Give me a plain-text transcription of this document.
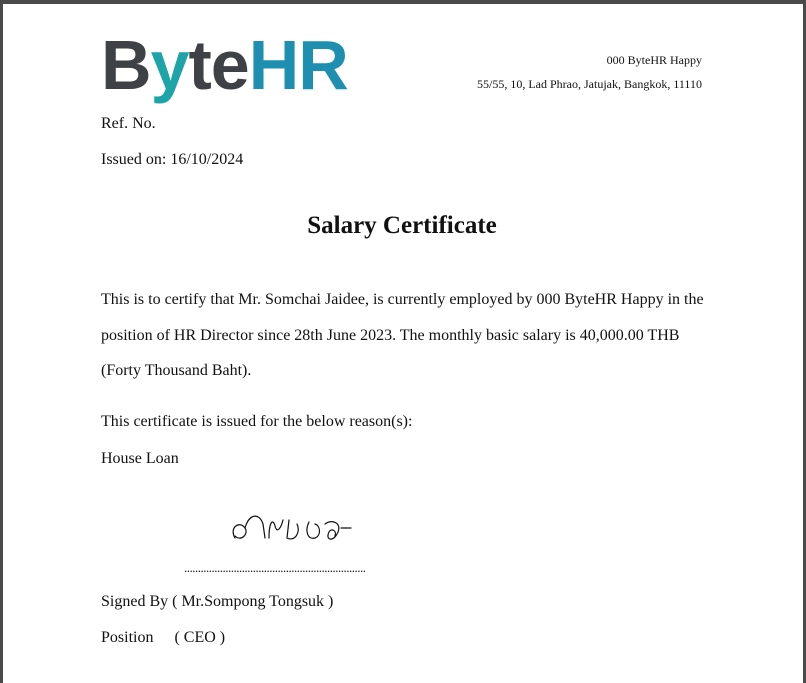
ByteHR	000 ByteHR Happy
55/55, 10, Lad Phrao, Jatujak, Bangkok, 11110
Ref. No.
Issued on: 16/10/2024
Salary Certificate
This is to certify that Mr. Somchai Jaidee, is currently employed by 000 ByteHR Happy in the position of HR Director since 28th June 2023. The monthly basic salary is 40,000.00 THB (Forty Thousand Baht).
This certificate is issued for the below reason(s):
House Loan
..................................................................
Signed By ( Mr.Sompong Tongsuk )
Position ( CEO )
